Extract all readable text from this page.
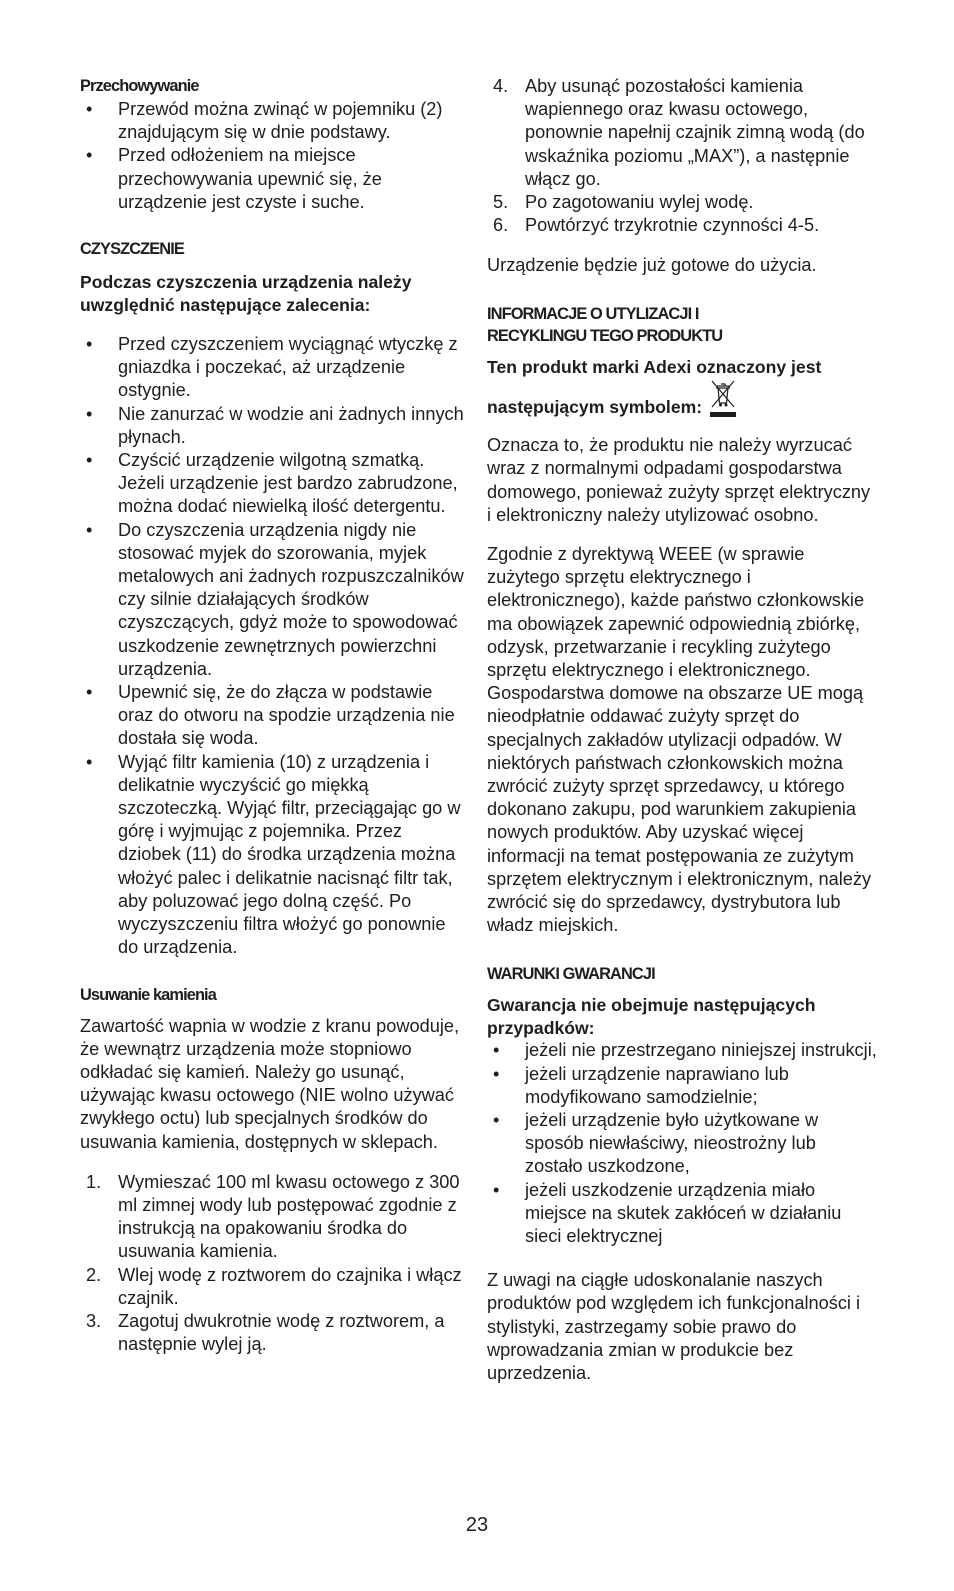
Przechowywanie
• Przewód można zwinąć w pojemniku (2) znajdującym się w dnie podstawy.
• Przed odłożeniem na miejsce przechowywania upewnić się, że urządzenie jest czyste i suche.
CZYSZCZENIE

Podczas czyszczenia urządzenia należy uwzględnić następujące zalecenia:

• Przed czyszczeniem wyciągnąć wtyczkę z gniazdka i poczekać, aż urządzenie ostygnie.
• Nie zanurzać w wodzie ani żadnych innych płynach.
• Czyścić urządzenie wilgotną szmatką. Jeżeli urządzenie jest bardzo zabrudzone, można dodać niewielką ilość detergentu.
• Do czyszczenia urządzenia nigdy nie stosować myjek do szorowania, myjek metalowych ani żadnych rozpuszczalników czy silnie działających środków czyszczących, gdyż może to spowodować uszkodzenie zewnętrznych powierzchni urządzenia.
• Upewnić się, że do złącza w podstawie oraz do otworu na spodzie urządzenia nie dostała się woda.
• Wyjąć filtr kamienia (10) z urządzenia i delikatnie wyczyścić go miękką szczoteczką. Wyjąć filtr, przeciągając go w górę i wyjmując z pojemnika. Przez dziobek (11) do środka urządzenia można włożyć palec i delikatnie nacisnąć filtr tak, aby poluzować jego dolną część. Po wyczyszczeniu filtra włożyć go ponownie do urządzenia.
Usuwanie kamienia

Zawartość wapnia w wodzie z kranu powoduje, że wewnątrz urządzenia może stopniowo odkładać się kamień. Należy go usunąć, używając kwasu octowego (NIE wolno używać zwykłego octu) lub specjalnych środków do usuwania kamienia, dostępnych w sklepach.

1. Wymieszać 100 ml kwasu octowego z 300 ml zimnej wody lub postępować zgodnie z instrukcją na opakowaniu środka do usuwania kamienia.
2. Wlej wodę z roztworem do czajnika i włącz czajnik.
3. Zagotuj dwukrotnie wodę z roztworem, a następnie wylej ją.
4. Aby usunąć pozostałości kamienia wapiennego oraz kwasu octowego, ponownie napełnij czajnik zimną wodą (do wskaźnika poziomu „MAX”), a następnie włącz go.
5. Po zagotowaniu wylej wodę.
6. Powtórzyć trzykrotnie czynności 4-5.

Urządzenie będzie już gotowe do użycia.

INFORMACJE O UTYLIZACJI I
RECYKLINGU TEGO PRODUKTU

Ten produkt marki Adexi oznaczony jest

następującym symbolem:

Oznacza to, że produktu nie należy wyrzucać wraz z normalnymi odpadami gospodarstwa domowego, ponieważ zużyty sprzęt elektryczny i elektroniczny należy utylizować osobno.

Zgodnie z dyrektywą WEEE (w sprawie zużytego sprzętu elektrycznego i elektronicznego), każde państwo członkowskie ma obowiązek zapewnić odpowiednią zbiórkę, odzysk, przetwarzanie i recykling zużytego sprzętu elektrycznego i elektronicznego. Gospodarstwa domowe na obszarze UE mogą nieodpłatnie oddawać zużyty sprzęt do specjalnych zakładów utylizacji odpadów. W niektórych państwach członkowskich można zwrócić zużyty sprzęt sprzedawcy, u którego dokonano zakupu, pod warunkiem zakupienia nowych produktów. Aby uzyskać więcej informacji na temat postępowania ze zużytym sprzętem elektrycznym i elektronicznym, należy zwrócić się do sprzedawcy, dystrybutora lub władz miejskich.

WARUNKI GWARANCJI

Gwarancja nie obejmuje następujących przypadków:

• jeżeli nie przestrzegano niniejszej instrukcji,
• jeżeli urządzenie naprawiano lub modyfikowano samodzielnie;
• jeżeli urządzenie było użytkowane w sposób niewłaściwy, nieostrożny lub zostało uszkodzone,
• jeżeli uszkodzenie urządzenia miało miejsce na skutek zakłóceń w działaniu sieci elektrycznej

Z uwagi na ciągłe udoskonalanie naszych produktów pod względem ich funkcjonalności i stylistyki, zastrzegamy sobie prawo do wprowadzania zmian w produkcie bez uprzedzenia.

23
